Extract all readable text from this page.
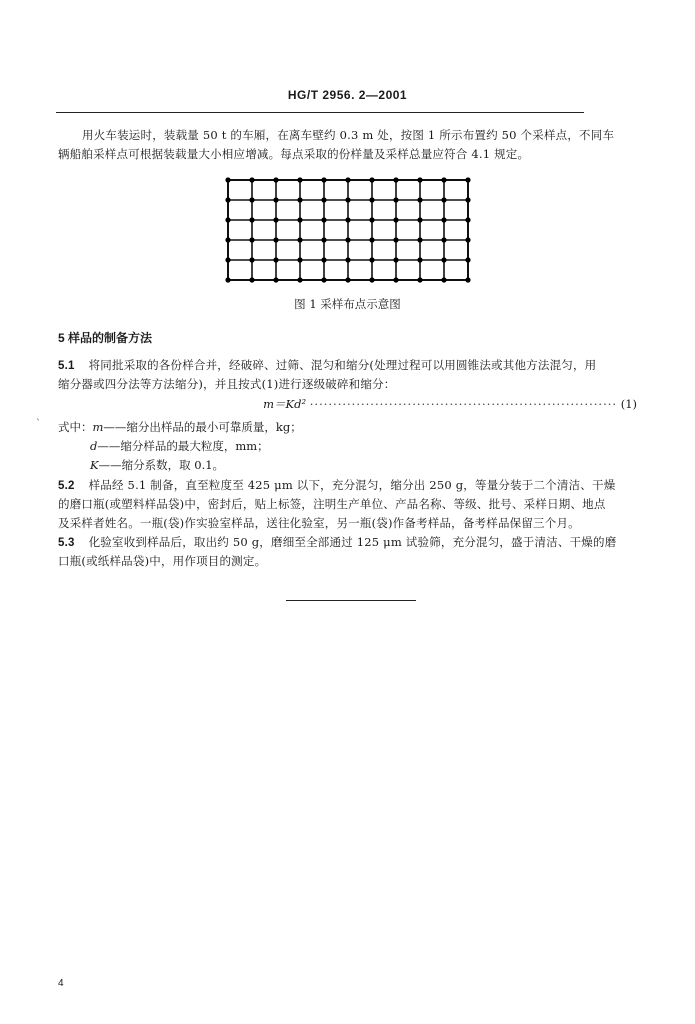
HG/T 2956. 2—2001
用火车装运时，装载量 50 t 的车厢，在离车壁约 0.3 m 处，按图 1 所示布置约 50 个采样点，不同车
辆船舶采样点可根据装载量大小相应增减。每点采取的份样量及采样总量应符合 4.1 规定。
图 1 采样布点示意图
5 样品的制备方法
5.1 将同批采取的各份样合并，经破碎、过筛、混匀和缩分(处理过程可以用圆锥法或其他方法混匀，用
缩分器或四分法等方法缩分)，并且按式(1)进行逐级破碎和缩分：
m＝Kd² ·································································· (1)
` 式中：m——缩分出样品的最小可靠质量，kg；
d——缩分样品的最大粒度，mm；
K——缩分系数，取 0.1。
5.2 样品经 5.1 制备，直至粒度至 425 μm 以下，充分混匀，缩分出 250 g，等量分装于二个清洁、干燥
的磨口瓶(或塑料样品袋)中，密封后，贴上标签，注明生产单位、产品名称、等级、批号、采样日期、地点
及采样者姓名。一瓶(袋)作实验室样品，送往化验室，另一瓶(袋)作备考样品，备考样品保留三个月。
5.3 化验室收到样品后，取出约 50 g，磨细至全部通过 125 μm 试验筛，充分混匀，盛于清洁、干燥的磨
口瓶(或纸样品袋)中，用作项目的测定。
4
